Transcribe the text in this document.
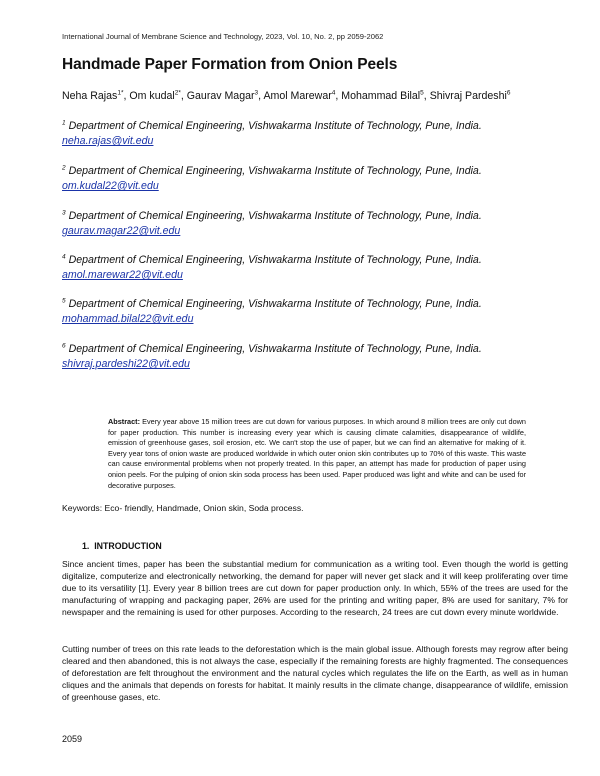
International Journal of Membrane Science and Technology, 2023, Vol. 10, No. 2, pp 2059-2062
Handmade Paper Formation from Onion Peels
Neha Rajas$^{1*}$, Om kudal$^{2*}$, Gaurav Magar$^3$, Amol Marewar$^4$, Mohammad Bilal$^5$, Shivraj Pardeshi$^6$
$^1$ Department of Chemical Engineering, Vishwakarma Institute of Technology, Pune, India.
neha.rajas@vit.edu
$^2$ Department of Chemical Engineering, Vishwakarma Institute of Technology, Pune, India.
om.kudal22@vit.edu
$^3$ Department of Chemical Engineering, Vishwakarma Institute of Technology, Pune, India.
gaurav.magar22@vit.edu
$^4$ Department of Chemical Engineering, Vishwakarma Institute of Technology, Pune, India.
amol.marewar22@vit.edu
$^5$ Department of Chemical Engineering, Vishwakarma Institute of Technology, Pune, India.
mohammad.bilal22@vit.edu
$^6$ Department of Chemical Engineering, Vishwakarma Institute of Technology, Pune, India.
shivraj.pardeshi22@vit.edu
Abstract: Every year above 15 million trees are cut down for various purposes. In which around 8 million trees are only cut down for paper production. This number is increasing every year which is causing climate calamities, disappearance of wildlife, emission of greenhouse gases, soil erosion, etc. We can't stop the use of paper, but we can find an alternative for making of it. Every year tons of onion waste are produced worldwide in which outer onion skin contributes up to 70% of this waste. This waste can cause environmental problems when not properly treated. In this paper, an attempt has made for production of paper using onion peels. For the pulping of onion skin soda process has been used. Paper produced was light and white and can be used for decorative purposes.
Keywords: Eco- friendly, Handmade, Onion skin, Soda process.
1. INTRODUCTION
Since ancient times, paper has been the substantial medium for communication as a writing tool. Even though the world is getting digitalize, computerize and electronically networking, the demand for paper will never get slack and it will keep proliferating over time due to its versatility [1]. Every year 8 billion trees are cut down for paper production only. In which, 55% of the trees are used for the manufacturing of wrapping and packaging paper, 26% are used for the printing and writing paper, 8% are used for sanitary, 7% for newspaper and the remaining is used for other purposes. According to the research, 24 trees are cut down every minute worldwide.
Cutting number of trees on this rate leads to the deforestation which is the main global issue. Although forests may regrow after being cleared and then abandoned, this is not always the case, especially if the remaining forests are highly fragmented. The consequences of deforestation are felt throughout the environment and the natural cycles which regulates the life on the Earth, as well as in human cliques and the animals that depends on forests for habitat. It mainly results in the climate change, disappearance of wildlife, emission of greenhouse gases, etc.
2059
